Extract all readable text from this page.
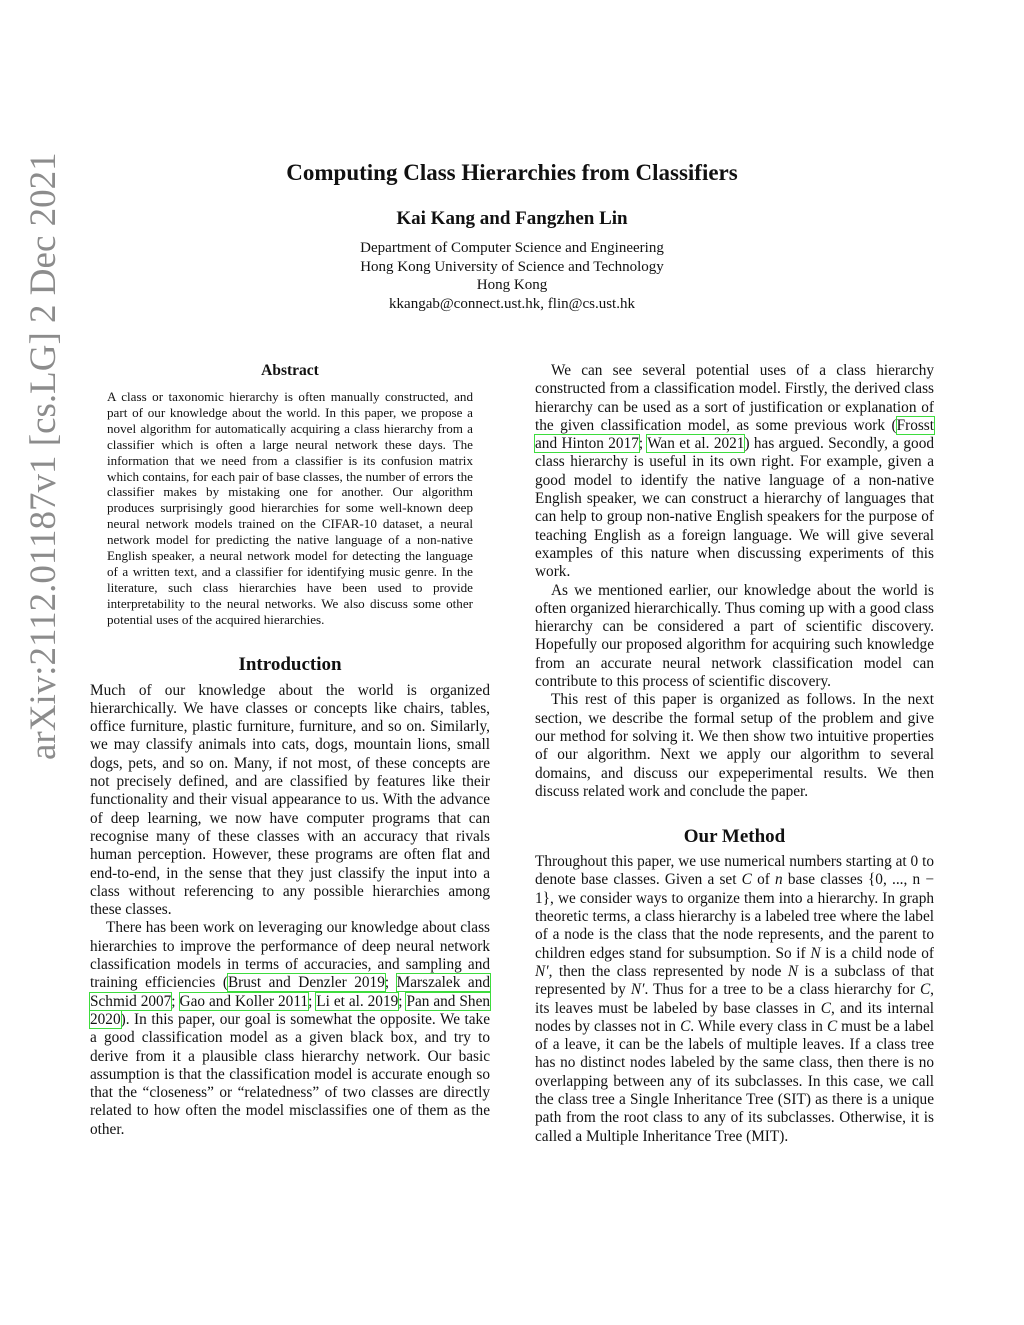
arXiv:2112.01187v1 [cs.LG] 2 Dec 2021	Computing Class Hierarchies from Classifiers
Kai Kang and Fangzhen Lin
Department of Computer Science and Engineering
Hong Kong University of Science and Technology
Hong Kong
kkangab@connect.ust.hk, flin@cs.ust.hk
Abstract

A class or taxonomic hierarchy is often manually constructed, and part of our knowledge about the world. In this paper, we propose a novel algorithm for automatically acquiring a class hierarchy from a classifier which is often a large neural network these days. The information that we need from a classifier is its confusion matrix which contains, for each pair of base classes, the number of errors the classifier makes by mistaking one for another. Our algorithm produces surprisingly good hierarchies for some well-known deep neural network models trained on the CIFAR-10 dataset, a neural network model for predicting the native language of a non-native English speaker, a neural network model for detecting the language of a written text, and a classifier for identifying music genre. In the literature, such class hierarchies have been used to provide interpretability to the neural networks. We also discuss some other potential uses of the acquired hierarchies.

Introduction

Much of our knowledge about the world is organized hierarchically. We have classes or concepts like chairs, tables, office furniture, plastic furniture, furniture, and so on. Similarly, we may classify animals into cats, dogs, mountain lions, small dogs, pets, and so on. Many, if not most, of these concepts are not precisely defined, and are classified by features like their functionality and their visual appearance to us. With the advance of deep learning, we now have computer programs that can recognise many of these classes with an accuracy that rivals human perception. However, these programs are often flat and end-to-end, in the sense that they just classify the input into a class without referencing to any possible hierarchies among these classes.

There has been work on leveraging our knowledge about class hierarchies to improve the performance of deep neural network classification models in terms of accuracies, and sampling and training efficiencies (Brust and Denzler 2019; Marszalek and Schmid 2007; Gao and Koller 2011; Li et al. 2019; Pan and Shen 2020). In this paper, our goal is somewhat the opposite. We take a good classification model as a given black box, and try to derive from it a plausible class hierarchy network. Our basic assumption is that the classification model is accurate enough so that the “closeness” or “relatedness” of two classes are directly related to how often the model misclassifies one of them as the other.

We can see several potential uses of a class hierarchy constructed from a classification model. Firstly, the derived class hierarchy can be used as a sort of justification or explanation of the given classification model, as some previous work (Frosst and Hinton 2017; Wan et al. 2021) has argued. Secondly, a good class hierarchy is useful in its own right. For example, given a good model to identify the native language of a non-native English speaker, we can construct a hierarchy of languages that can help to group non-native English speakers for the purpose of teaching English as a foreign language. We will give several examples of this nature when discussing experiments of this work.

As we mentioned earlier, our knowledge about the world is often organized hierarchically. Thus coming up with a good class hierarchy can be considered a part of scientific discovery. Hopefully our proposed algorithm for acquiring such knowledge from an accurate neural network classification model can contribute to this process of scientific discovery.

This rest of this paper is organized as follows. In the next section, we describe the formal setup of the problem and give our method for solving it. We then show two intuitive properties of our algorithm. Next we apply our algorithm to several domains, and discuss our expeperimental results. We then discuss related work and conclude the paper.

Our Method

Throughout this paper, we use numerical numbers starting at 0 to denote base classes. Given a set C of n base classes {0, ..., n − 1}, we consider ways to organize them into a hierarchy. In graph theoretic terms, a class hierarchy is a labeled tree where the label of a node is the class that the node represents, and the parent to children edges stand for subsumption. So if N is a child node of N′, then the class represented by node N is a subclass of that represented by N′. Thus for a tree to be a class hierarchy for C, its leaves must be labeled by base classes in C, and its internal nodes by classes not in C. While every class in C must be a label of a leave, it can be the labels of multiple leaves. If a class tree has no distinct nodes labeled by the same class, then there is no overlapping between any of its subclasses. In this case, we call the class tree a Single Inheritance Tree (SIT) as there is a unique path from the root class to any of its subclasses. Otherwise, it is called a Multiple Inheritance Tree (MIT).
